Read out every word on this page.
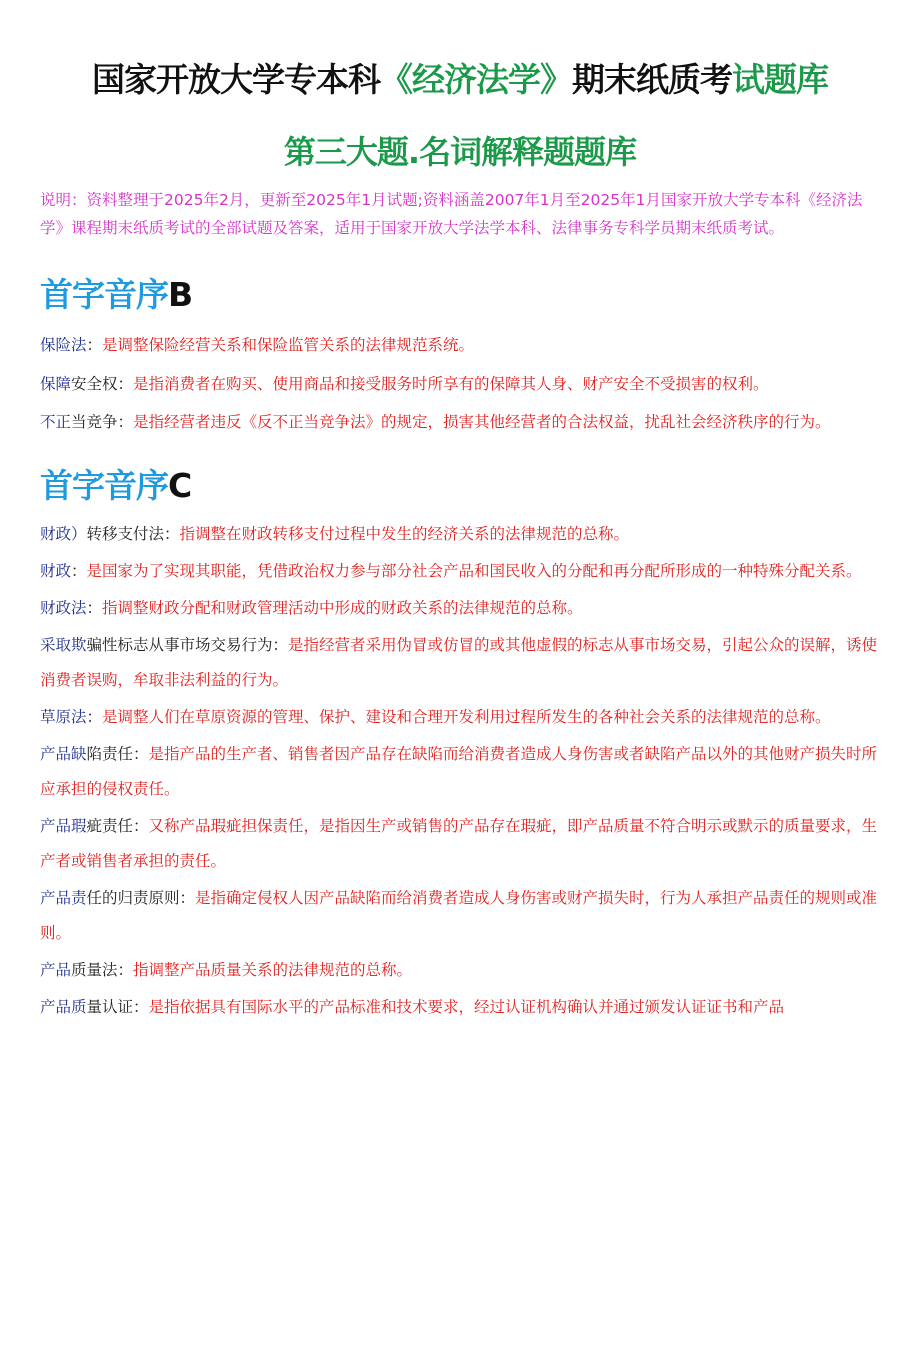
国家开放大学专本科《经济法学》期末纸质考试题库
第三大题.名词解释题题库

说明：资料整理于2025年2月，更新至2025年1月试题;资料涵盖2007年1月至2025年1月国家开放大学专本科《经济法学》课程期末纸质考试的全部试题及答案，适用于国家开放大学法学本科、法律事务专科学员期末纸质考试。

首字音序B
保险法：是调整保险经营关系和保险监管关系的法律规范系统。
保障安全权：是指消费者在购买、使用商品和接受服务时所享有的保障其人身、财产安全不受损害的权利。
不正当竞争：是指经营者违反《反不正当竞争法》的规定，损害其他经营者的合法权益，扰乱社会经济秩序的行为。
首字音序C
财政）转移支付法：指调整在财政转移支付过程中发生的经济关系的法律规范的总称。
财政：是国家为了实现其职能，凭借政治权力参与部分社会产品和国民收入的分配和再分配所形成的一种特殊分配关系。
财政法：指调整财政分配和财政管理活动中形成的财政关系的法律规范的总称。
采取欺骗性标志从事市场交易行为：是指经营者采用伪冒或仿冒的或其他虚假的标志从事市场交易，引起公众的误解，诱使消费者误购，牟取非法利益的行为。
草原法：是调整人们在草原资源的管理、保护、建设和合理开发利用过程所发生的各种社会关系的法律规范的总称。
产品缺陷责任：是指产品的生产者、销售者因产品存在缺陷而给消费者造成人身伤害或者缺陷产品以外的其他财产损失时所应承担的侵权责任。
产品瑕疵责任：又称产品瑕疵担保责任，是指因生产或销售的产品存在瑕疵，即产品质量不符合明示或默示的质量要求，生产者或销售者承担的责任。
产品责任的归责原则：是指确定侵权人因产品缺陷而给消费者造成人身伤害或财产损失时，行为人承担产品责任的规则或准则。
产品质量法：指调整产品质量关系的法律规范的总称。
产品质量认证：是指依据具有国际水平的产品标准和技术要求，经过认证机构确认并通过颁发认证证书和产品
